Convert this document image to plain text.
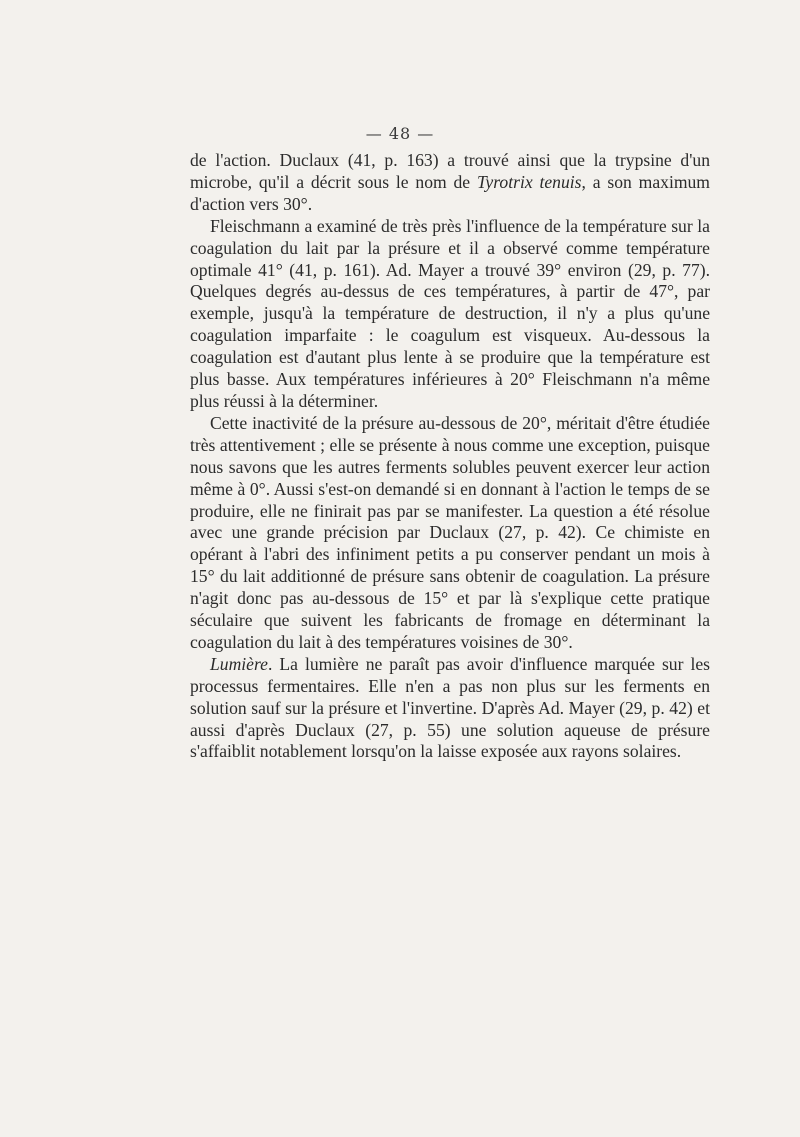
— 48 —

de l'action. Duclaux (41, p. 163) a trouvé ainsi que la trypsine d'un microbe, qu'il a décrit sous le nom de Tyrotrix tenuis, a son maximum d'action vers 30°.

Fleischmann a examiné de très près l'influence de la température sur la coagulation du lait par la présure et il a observé comme température optimale 41° (41, p. 161). Ad. Mayer a trouvé 39° environ (29, p. 77). Quelques degrés au-dessus de ces températures, à partir de 47°, par exemple, jusqu'à la température de destruction, il n'y a plus qu'une coagulation imparfaite : le coagulum est visqueux. Au-dessous la coagulation est d'autant plus lente à se produire que la température est plus basse. Aux températures inférieures à 20° Fleischmann n'a même plus réussi à la déterminer.

Cette inactivité de la présure au-dessous de 20°, méritait d'être étudiée très attentivement ; elle se présente à nous comme une exception, puisque nous savons que les autres ferments solubles peuvent exercer leur action même à 0°. Aussi s'est-on demandé si en donnant à l'action le temps de se produire, elle ne finirait pas par se manifester. La question a été résolue avec une grande précision par Duclaux (27, p. 42). Ce chimiste en opérant à l'abri des infiniment petits a pu conserver pendant un mois à 15° du lait additionné de présure sans obtenir de coagulation. La présure n'agit donc pas au-dessous de 15° et par là s'explique cette pratique séculaire que suivent les fabricants de fromage en déterminant la coagulation du lait à des températures voisines de 30°.

Lumière. La lumière ne paraît pas avoir d'influence marquée sur les processus fermentaires. Elle n'en a pas non plus sur les ferments en solution sauf sur la présure et l'invertine. D'après Ad. Mayer (29, p. 42) et aussi d'après Duclaux (27, p. 55) une solution aqueuse de présure s'affaiblit notablement lorsqu'on la laisse exposée aux rayons solaires.
